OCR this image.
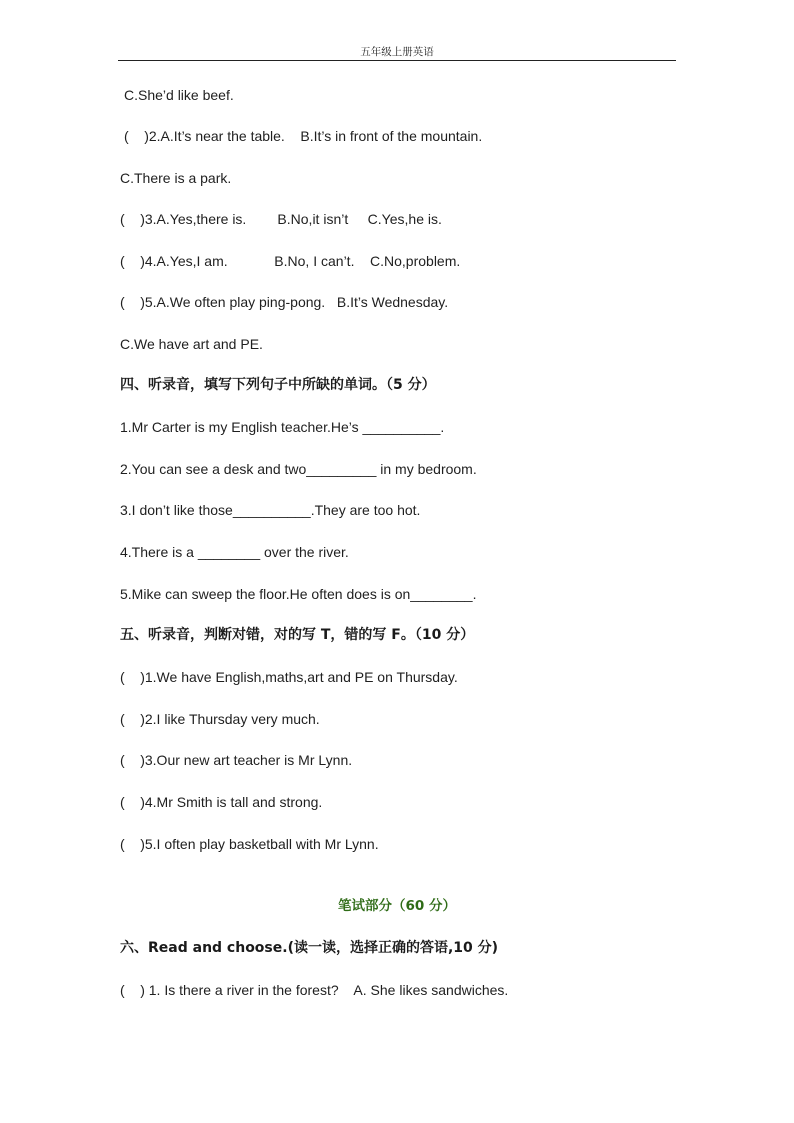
五年级上册英语
C.She’d like beef.
(    )2.A.It’s near the table.    B.It’s in front of the mountain.
C.There is a park.
(    )3.A.Yes,there is.        B.No,it isn’t     C.Yes,he is.
(    )4.A.Yes,I am.            B.No, I can’t.    C.No,problem.
(    )5.A.We often play ping-pong.   B.It’s Wednesday.
C.We have art and PE.
四、听录音，填写下列句子中所缺的单词。（5 分）
1.Mr Carter is my English teacher.He’s __________.
2.You can see a desk and two_________ in my bedroom.
3.I don’t like those__________.They are too hot.
4.There is a ________ over the river.
5.Mike can sweep the floor.He often does is on________.
五、听录音，判断对错，对的写 T，错的写 F。（10 分）
(    )1.We have English,maths,art and PE on Thursday.
(    )2.I like Thursday very much.
(    )3.Our new art teacher is Mr Lynn.
(    )4.Mr Smith is tall and strong.
(    )5.I often play basketball with Mr Lynn.
笔试部分（60 分）
六、Read and choose.(读一读，选择正确的答语,10 分)
(    ) 1. Is there a river in the forest?    A. She likes sandwiches.
